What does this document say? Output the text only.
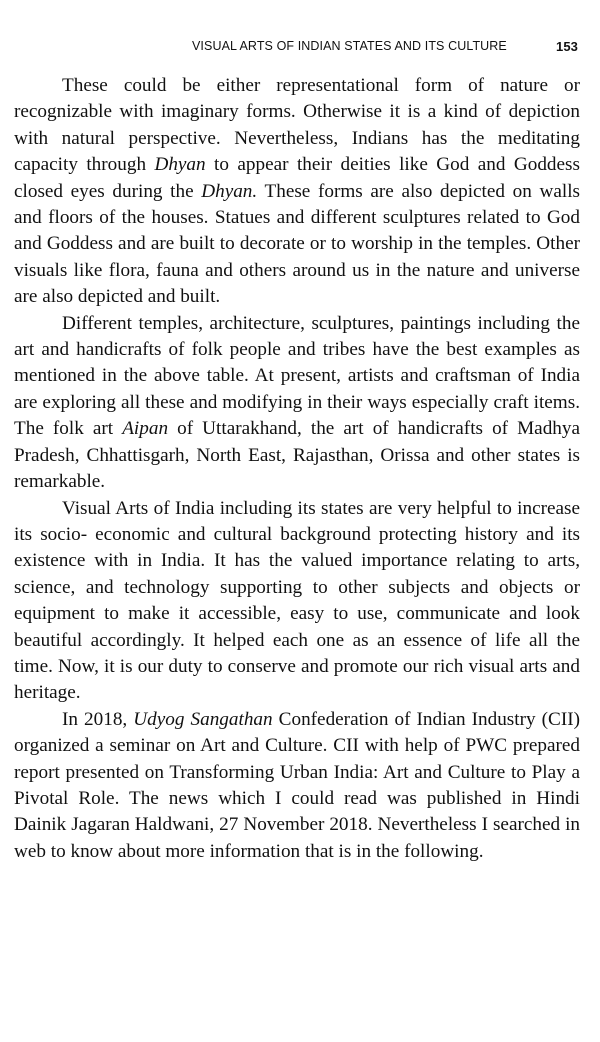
VISUAL ARTS OF INDIAN STATES AND ITS CULTURE	153

These could be either representational form of nature or recognizable with imaginary forms. Otherwise it is a kind of depiction with natural perspective. Nevertheless, Indians has the meditating capacity through Dhyan to appear their deities like God and Goddess closed eyes during the Dhyan. These forms are also depicted on walls and floors of the houses. Statues and different sculptures related to God and Goddess and are built to decorate or to worship in the temples. Other visuals like flora, fauna and others around us in the nature and universe are also depicted and built.

Different temples, architecture, sculptures, paintings including the art and handicrafts of folk people and tribes have the best examples as mentioned in the above table. At present, artists and craftsman of India are exploring all these and modifying in their ways especially craft items. The folk art Aipan of Uttarakhand, the art of handicrafts of Madhya Pradesh, Chhattisgarh, North East, Rajasthan, Orissa and other states is remarkable.

Visual Arts of India including its states are very helpful to increase its socio- economic and cultural background protecting history and its existence with in India. It has the valued importance relating to arts, science, and technology supporting to other subjects and objects or equipment to make it accessible, easy to use, communicate and look beautiful accordingly. It helped each one as an essence of life all the time. Now, it is our duty to conserve and promote our rich visual arts and heritage.

In 2018, Udyog Sangathan Confederation of Indian Industry (CII) organized a seminar on Art and Culture. CII with help of PWC prepared report presented on Transforming Urban India: Art and Culture to Play a Pivotal Role. The news which I could read was published in Hindi Dainik Jagaran Haldwani, 27 November 2018. Nevertheless I searched in web to know about more information that is in the following.
